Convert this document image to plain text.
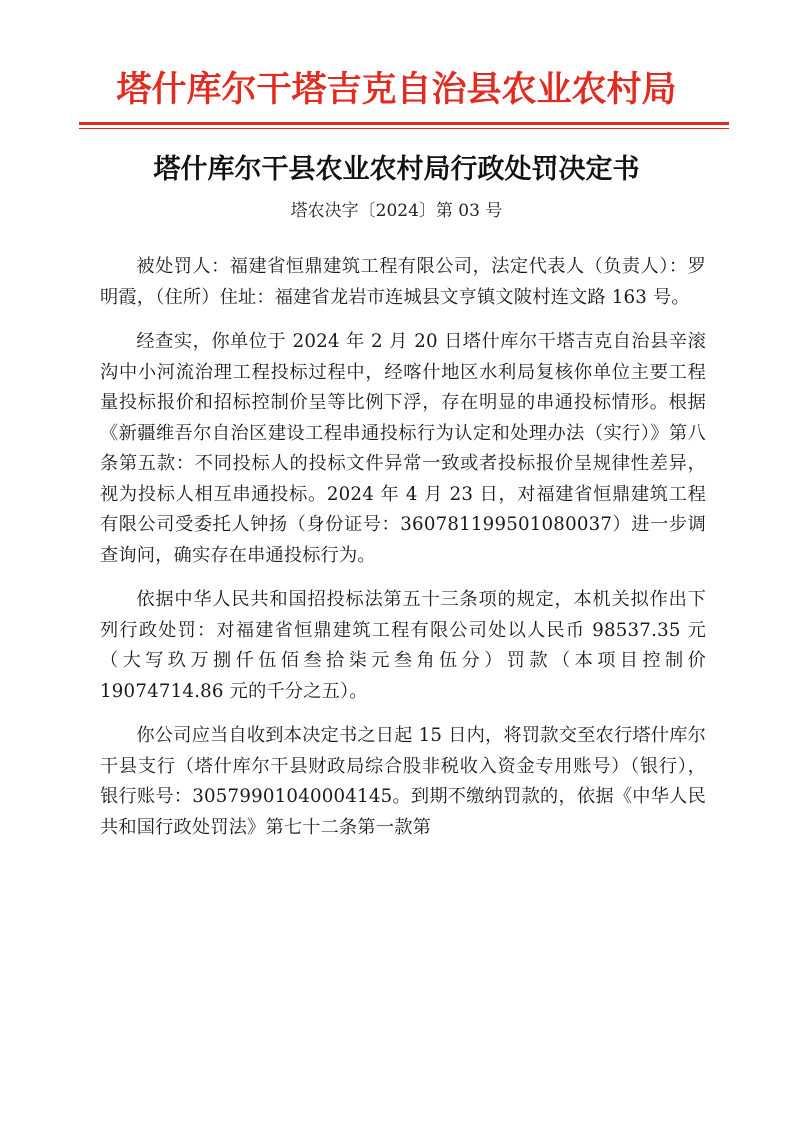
塔什库尔干塔吉克自治县农业农村局
塔什库尔干县农业农村局行政处罚决定书
塔农决字〔2024〕第 03 号

被处罚人：福建省恒鼎建筑工程有限公司，法定代表人（负责人）：罗明霞，（住所）住址：福建省龙岩市连城县文亨镇文陂村连文路 163 号。

经查实，你单位于 2024 年 2 月 20 日塔什库尔干塔吉克自治县辛滚沟中小河流治理工程投标过程中，经喀什地区水利局复核你单位主要工程量投标报价和招标控制价呈等比例下浮，存在明显的串通投标情形。根据《新疆维吾尔自治区建设工程串通投标行为认定和处理办法（实行）》第八条第五款：不同投标人的投标文件异常一致或者投标报价呈规律性差异，视为投标人相互串通投标。2024 年 4 月 23 日，对福建省恒鼎建筑工程有限公司受委托人钟扬（身份证号：360781199501080037）进一步调查询问，确实存在串通投标行为。

依据中华人民共和国招投标法第五十三条项的规定，本机关拟作出下列行政处罚：对福建省恒鼎建筑工程有限公司处以人民币 98537.35 元（大写玖万捌仟伍佰叁拾柒元叁角伍分）罚款（本项目控制价 19074714.86 元的千分之五）。

你公司应当自收到本决定书之日起 15 日内，将罚款交至农行塔什库尔干县支行（塔什库尔干县财政局综合股非税收入资金专用账号）（银行），银行账号：30579901040004145。到期不缴纳罚款的，依据《中华人民共和国行政处罚法》第七十二条第一款第
